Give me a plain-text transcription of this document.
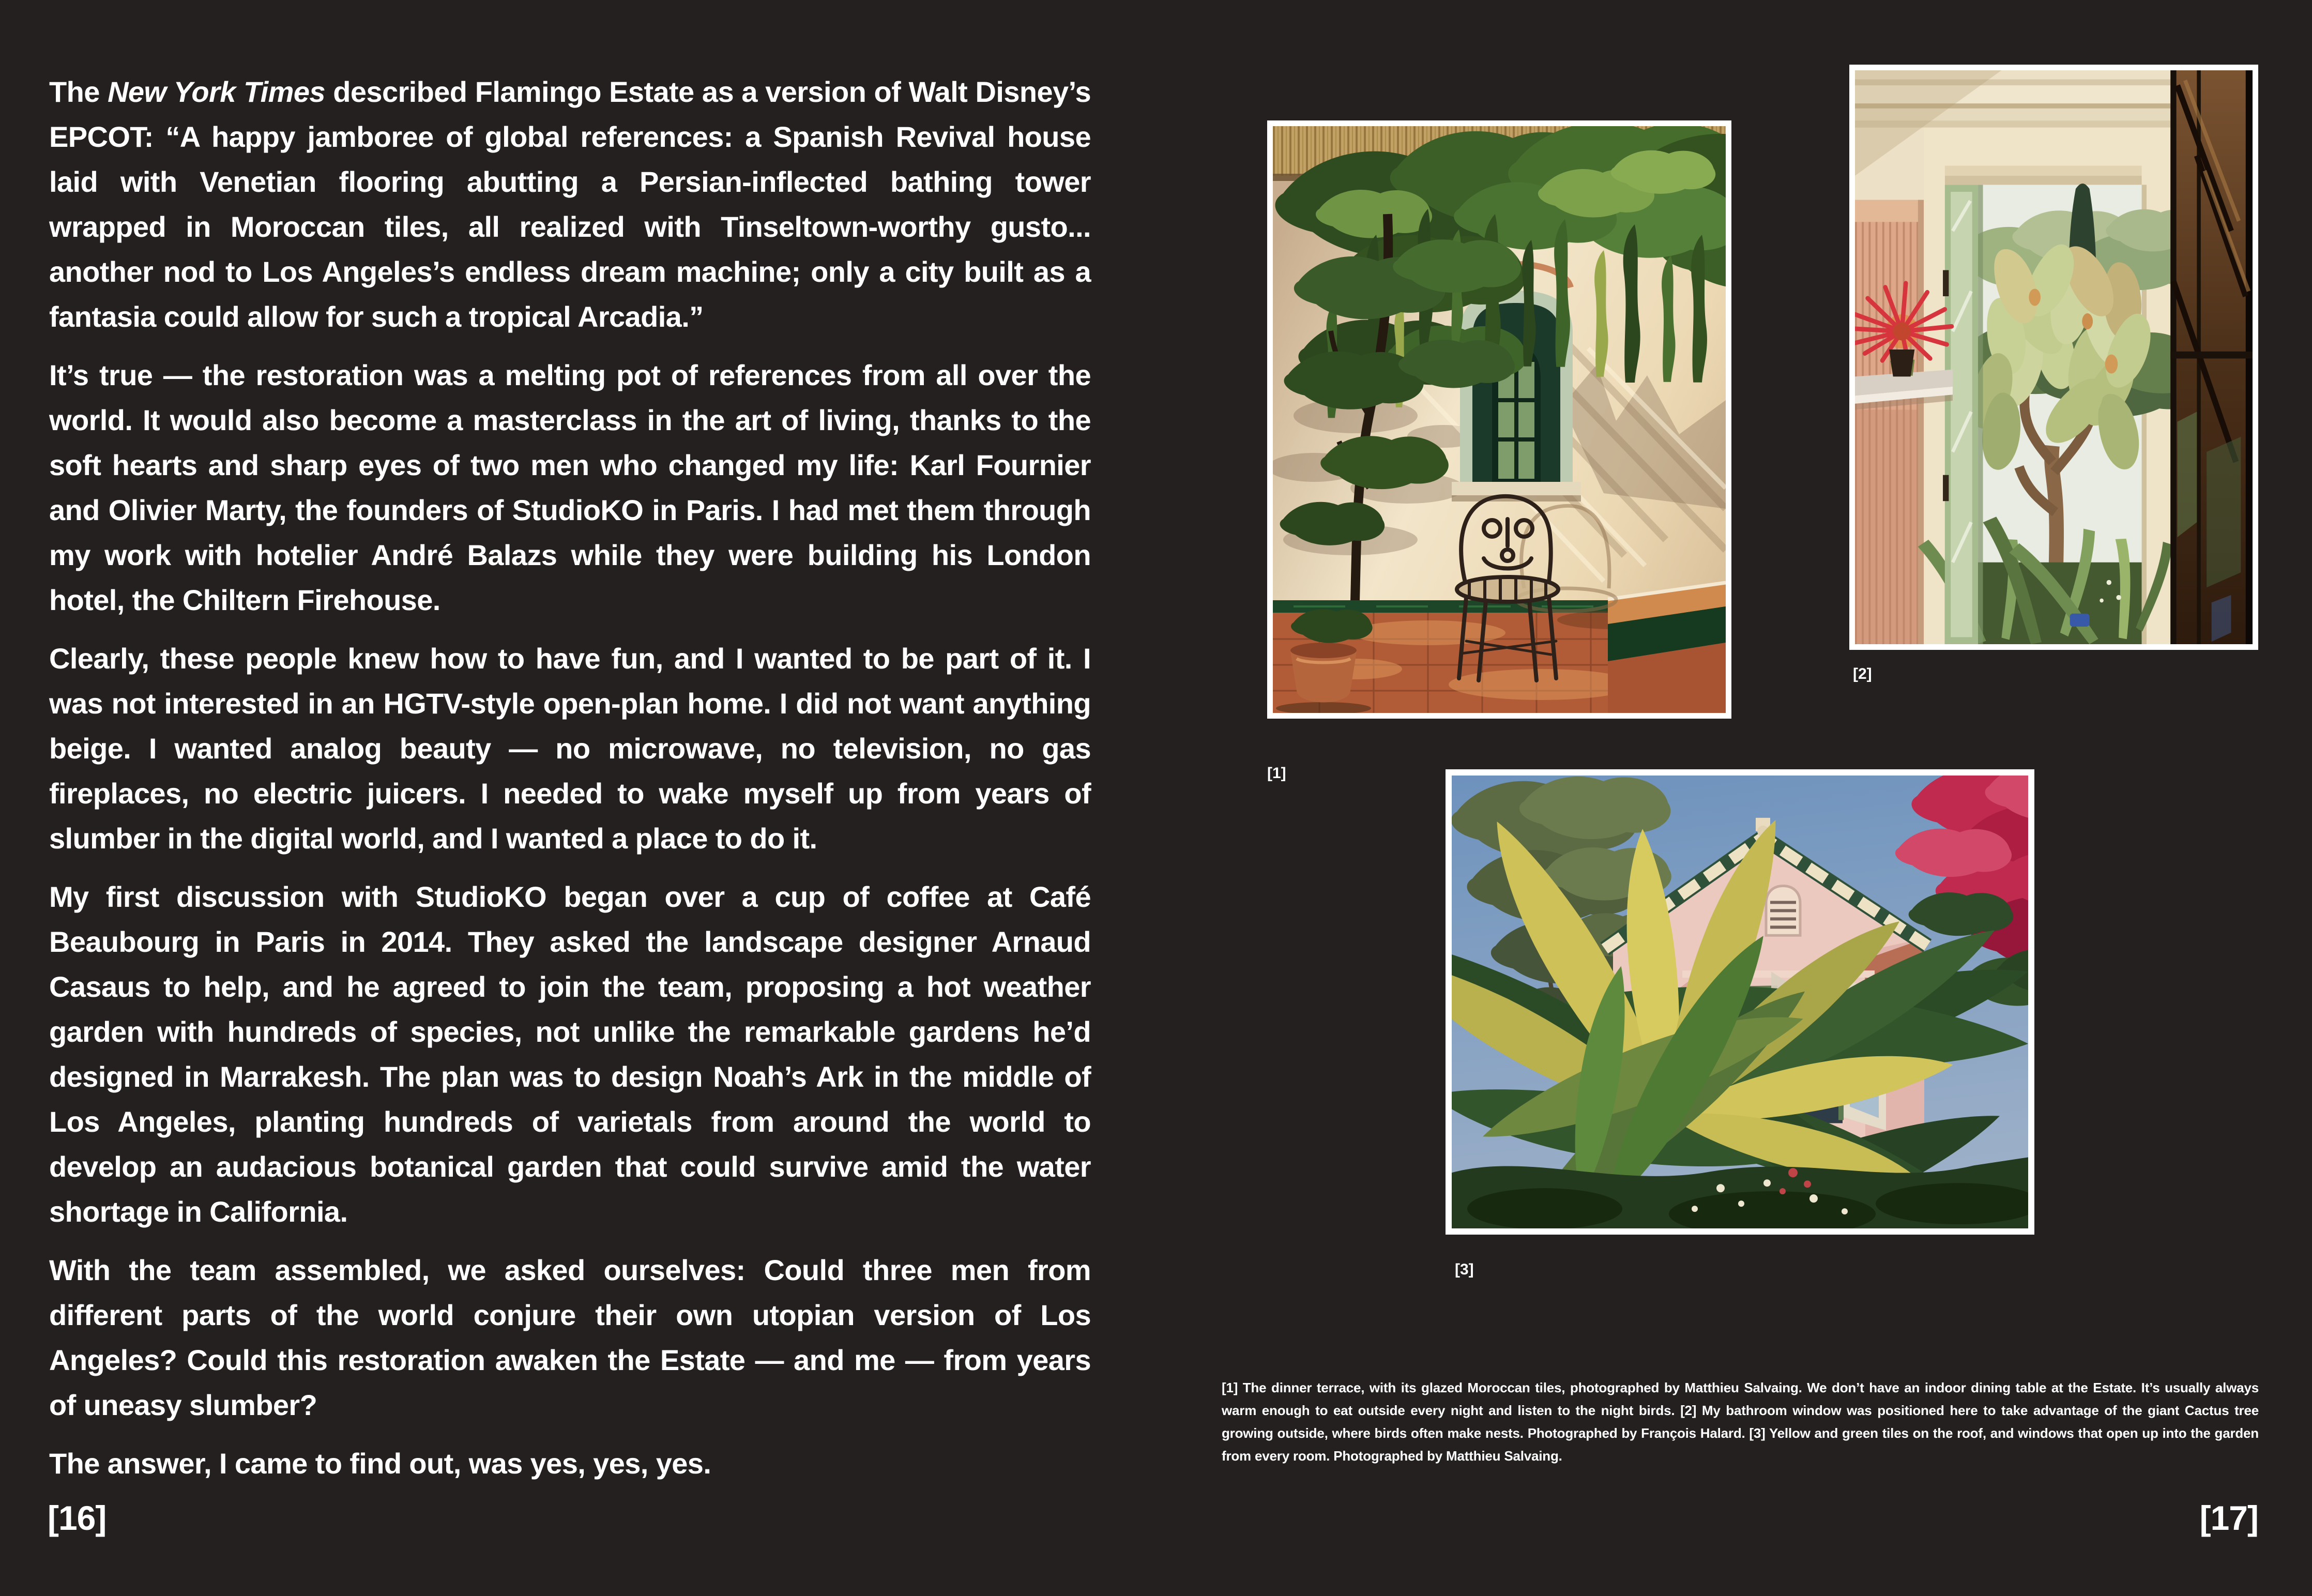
The New York Times described Flamingo Estate as a version of Walt Disney’s EPCOT: “A happy jamboree of global references: a Spanish Revival house laid with Venetian flooring abutting a Persian-inflected bathing tower wrapped in Moroccan tiles, all realized with Tinseltown-worthy gusto... another nod to Los Angeles’s endless dream machine; only a city built as a fantasia could allow for such a tropical Arcadia.”

It’s true — the restoration was a melting pot of references from all over the world. It would also become a masterclass in the art of living, thanks to the soft hearts and sharp eyes of two men who changed my life: Karl Fournier and Olivier Marty, the founders of StudioKO in Paris. I had met them through my work with hotelier André Balazs while they were building his London hotel, the Chiltern Firehouse.

Clearly, these people knew how to have fun, and I wanted to be part of it. I was not interested in an HGTV-style open-plan home. I did not want anything beige. I wanted analog beauty — no microwave, no television, no gas fireplaces, no electric juicers. I needed to wake myself up from years of slumber in the digital world, and I wanted a place to do it.

My first discussion with StudioKO began over a cup of coffee at Café Beaubourg in Paris in 2014. They asked the landscape designer Arnaud Casaus to help, and he agreed to join the team, proposing a hot weather garden with hundreds of species, not unlike the remarkable gardens he’d designed in Marrakesh. The plan was to design Noah’s Ark in the middle of Los Angeles, planting hundreds of varietals from around the world to develop an audacious botanical garden that could survive amid the water shortage in California.

With the team assembled, we asked ourselves: Could three men from different parts of the world conjure their own utopian version of Los Angeles? Could this restoration awaken the Estate — and me — from years of uneasy slumber?

The answer, I came to find out, was yes, yes, yes.

[16]
[1]
[2]
[3]

[1] The dinner terrace, with its glazed Moroccan tiles, photographed by Matthieu Salvaing. We don’t have an indoor dining table at the Estate. It’s usually always warm enough to eat outside every night and listen to the night birds. [2] My bathroom window was positioned here to take advantage of the giant Cactus tree growing outside, where birds often make nests. Photographed by François Halard. [3] Yellow and green tiles on the roof, and windows that open up into the garden from every room. Photographed by Matthieu Salvaing.

[17]
